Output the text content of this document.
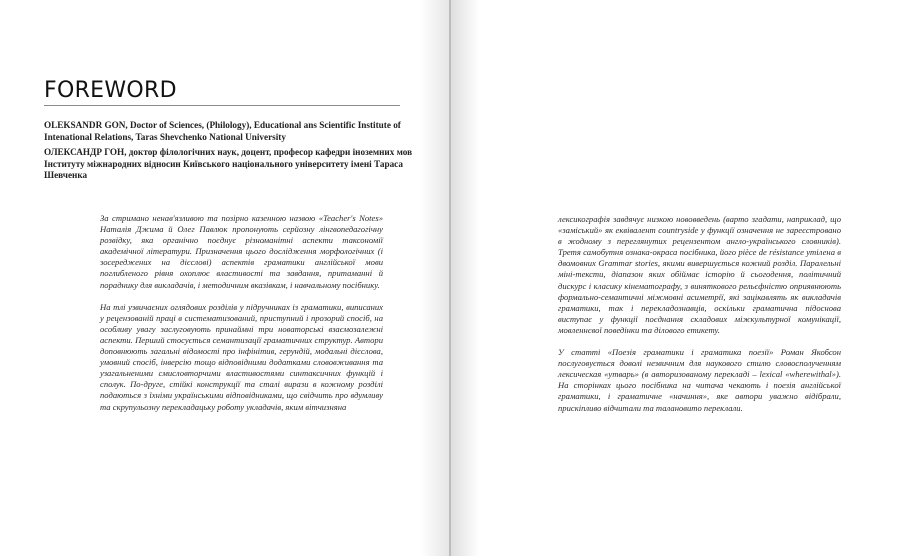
FOREWORD

OLEKSANDR GON, Doctor of Sciences, (Philology), Educational ans Scientific Institute of Intenational Relations, Taras Shevchenko National University

ОЛЕКСАНДР ГОН, доктор філологічних наук, доцент, професор кафедри іноземних мов Інституту міжнародних відносин Київського національного університету імені Тараса Шевченка

За стримано ненав'язливою та позірно казенною назвою «Teacher's Notes» Наталія Джима й Олег Павлюк пропонують серйозну лінгвопедагогічну розвідку, яка органічно поєднує різноманітні аспекти таксономії академічної літератури. Призначення цього дослідження морфологічних (і зосереджених на дієслові) аспектів граматики англійської мови поглибленого рівня охоплює властивості та завдання, притаманні й порадникy для викладачів, і методичним вказівкам, і навчальному посібнику.

На тлі узвичаєних оглядових розділів у підручниках із граматики, виписаних у рецензованій праці в систематизований, приступний і прозорий спосіб, на особливу увагу заслуговують принаймні три новаторські взаємозалежні аспекти. Перший стосується семантизації граматичних структур. Автори доповнюють загальні відомості про інфінітив, герундій, модальні дієслова, умовний спосіб, інверсію тощо відповідними додатками слововживання та узагальненими смисловторчими властивостями синтаксичних функцій і сполук. По-друге, стійкі конструкції та сталі вирази в кожному розділі подаються з їхніми українськими відповідниками, що свідчить про вдумливу та скрупульозну перекладацьку роботу укладачів, яким вітчизняна

лексикографія завдячує низкою нововведень (варто згадати, наприклад, що «заміський» як еквівалент countryside у функції означення не зареєстровано в жодному з переглянутих рецензентом англо-українського словників). Третя самобутня ознака-окраса посібника, його pièce de résistance утілена в двомовних Grammar stories, якими вивершується кожний розділ. Паралельні міні-тексти, діапазон яких обіймає історію й сьогодення, політичний дискурс і класику кінематографу, з виняткового рельєфністю оприявнюють формально-семантичні міжмовні асиметрії, які зацікавлять як викладачів граматики, так і перекладознавців, оскільки граматична підоснова виступає у функції поєднання складових міжкультурної комунікації, мовленнєвої поведінки та ділового етикету.

У статті «Поезія граматики і граматика поезії» Роман Якобсон послуговується доволі незвичним для наукового стилю словосполученням лексическая «утварь» (в авторизованому перекладі – lexical «wherewithal»). На сторінках цього посібника на читача чекають і поезія англійської граматики, і граматичне «начиння», яке автори уважно відібрали, прискіпливо відчитали та талановито переклали.
